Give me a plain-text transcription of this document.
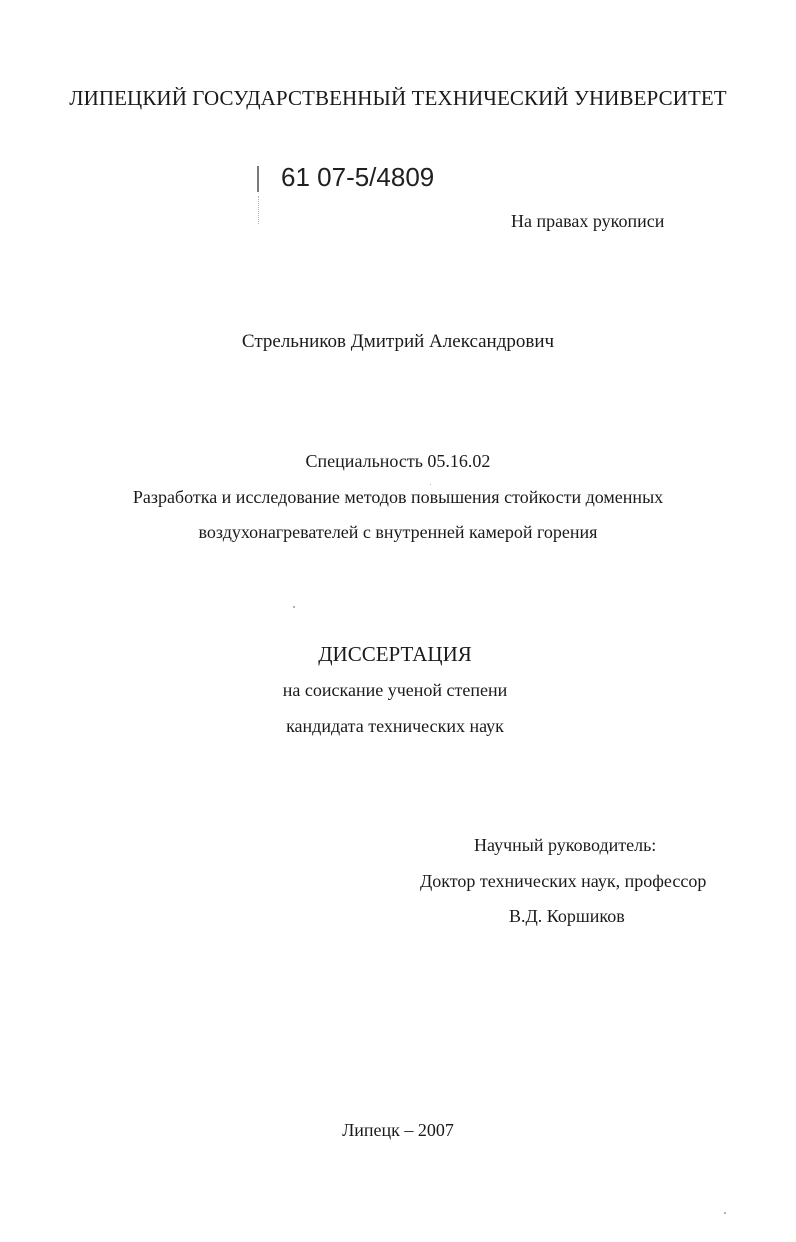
ЛИПЕЦКИЙ ГОСУДАРСТВЕННЫЙ ТЕХНИЧЕСКИЙ УНИВЕРСИТЕТ
61 07-5/4809
На правах рукописи
Стрельников Дмитрий Александрович
Специальность 05.16.02
Разработка и исследование методов повышения стойкости доменных
воздухонагревателей с внутренней камерой горения
ДИССЕРТАЦИЯ
на соискание ученой степени
кандидата технических наук
Научный руководитель:
Доктор технических наук, профессор
В.Д. Коршиков
Липецк – 2007
